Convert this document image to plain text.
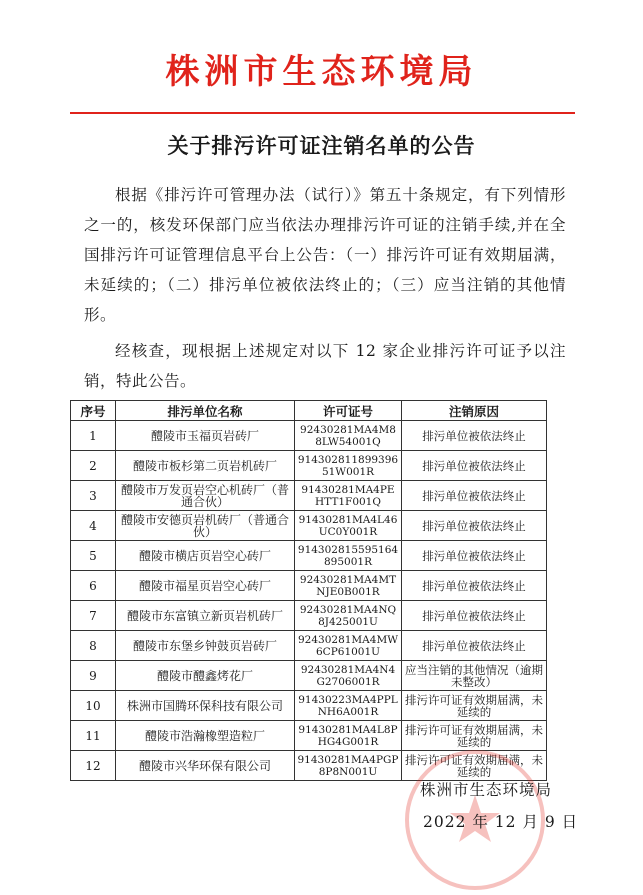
株洲市生态环境局
关于排污许可证注销名单的公告
根据《排污许可管理办法（试行）》第五十条规定，有下列情形之一的，核发环保部门应当依法办理排污许可证的注销手续,并在全国排污许可证管理信息平台上公告：（一）排污许可证有效期届满，未延续的；（二）排污单位被依法终止的；（三）应当注销的其他情形。
经核查，现根据上述规定对以下 12 家企业排污许可证予以注销，特此公告。
序号	排污单位名称	许可证号	注销原因
1	醴陵市玉福页岩砖厂	92430281MA4M88LW54001Q	排污单位被依法终止
2	醴陵市板杉第二页岩机砖厂	91430281189939651W001R	排污单位被依法终止
3	醴陵市万发页岩空心机砖厂（普通合伙）	91430281MA4PEHTT1F001Q	排污单位被依法终止
4	醴陵市安德页岩机砖厂（普通合伙）	91430281MA4L46UC0Y001R	排污单位被依法终止
5	醴陵市横店页岩空心砖厂	914302815595164895001R	排污单位被依法终止
6	醴陵市福星页岩空心砖厂	92430281MA4MTNJE0B001R	排污单位被依法终止
7	醴陵市东富镇立新页岩机砖厂	92430281MA4NQ8J425001U	排污单位被依法终止
8	醴陵市东堡乡钟鼓页岩砖厂	92430281MA4MW6CP61001U	排污单位被依法终止
9	醴陵市醴鑫烤花厂	92430281MA4N4G2706001R	应当注销的其他情况（逾期未整改）
10	株洲市国腾环保科技有限公司	91430223MA4PPLNH6A001R	排污许可证有效期届满，未延续的
11	醴陵市浩瀚橡塑造粒厂	91430281MA4L8PHG4G001R	排污许可证有效期届满，未延续的
12	醴陵市兴华环保有限公司	91430281MA4PGP8P8N001U	排污许可证有效期届满，未延续的
株洲市生态环境局
2022 年 12 月 9 日
